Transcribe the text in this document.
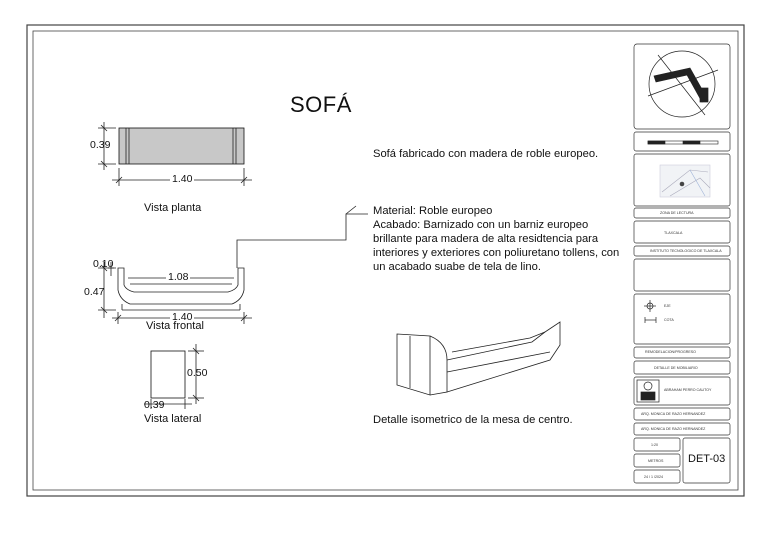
SOFÁ
Sofá fabricado con madera de roble europeo.
Material: Roble europeo
Acabado: Barnizado con un barniz europeo brillante para madera de alta residtencia para interiores y exteriores con poliuretano tollens, con un acabado suabe de tela de lino.
Detalle isometrico de la mesa de centro.
0.39
1.40
Vista planta
0.10
0.47
1.08
1.40
Vista frontal
0.50
0.39
Vista lateral
ZONA DE LECTURA
TLAXCALA
INSTITUTO TECNOLOGICO DE TLAXCALA
EJE
COTA
REMODELACION/PROGRESO
DETALLE DE MOBILIARIO
ABRAHAM PERRO CAUTOY
ARQ. MONICA DE RAZO HERNANDEZ
ARQ. MONICA DE RAZO HERNANDEZ
1:20
METROS
24 / 1 /2024
DET-03
